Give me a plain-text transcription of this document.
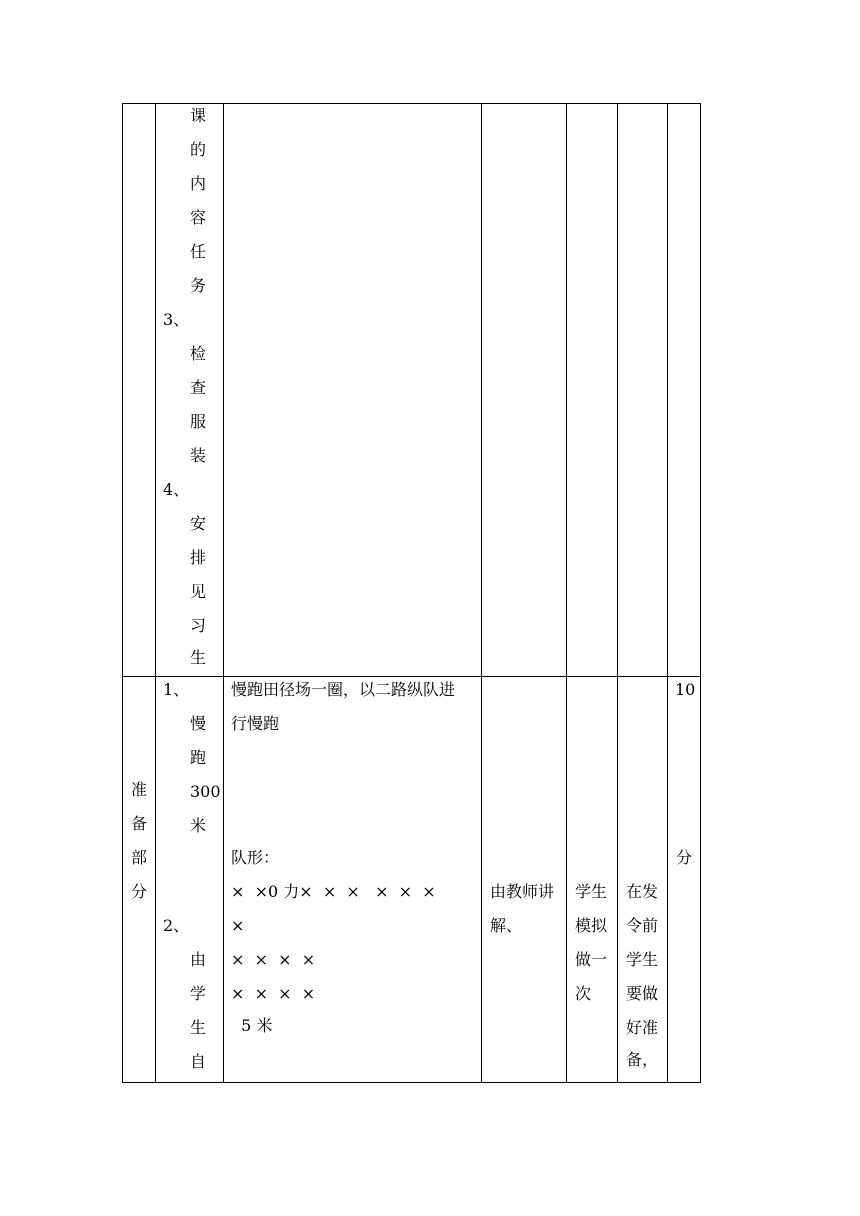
课
的
内
容
任
务
3、
检
查
服
装
4、
安
排
见
习
生
准
备
部
分
1、
慢
跑
300
米
2、
由
学
生
自
慢跑田径场一圈，以二路纵队进
行慢跑
队形：
×  ×0 力×  ×  ×   ×  ×  ×
×
×  ×  ×  ×
×  ×  ×  ×
5 米
由教师讲
解、
学生
模拟
做一
次
在发
令前
学生
要做
好准
备，
10
分
